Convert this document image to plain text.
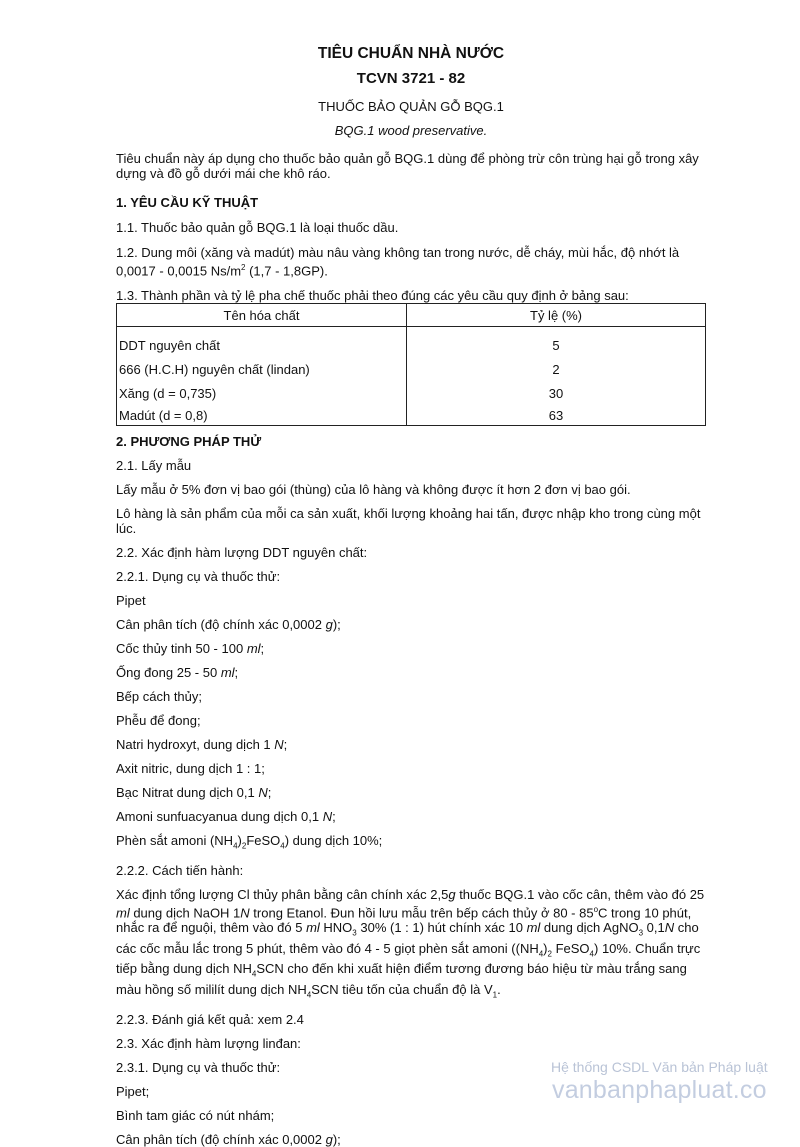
TIÊU CHUẨN NHÀ NƯỚC
TCVN 3721 - 82
THUỐC BẢO QUẢN GỖ BQG.1
BQG.1 wood preservative.

Tiêu chuẩn này áp dụng cho thuốc bảo quản gỗ BQG.1 dùng để phòng trừ côn trùng hại gỗ trong xây dựng và đồ gỗ dưới mái che khô ráo.

1. YÊU CẦU KỸ THUẬT

1.1. Thuốc bảo quản gỗ BQG.1 là loại thuốc dầu.

1.2. Dung môi (xăng và madút) màu nâu vàng không tan trong nước, dễ cháy, mùi hắc, độ nhớt là 0,0017 - 0,0015 $Ns/m^2$ (1,7 - 1,8GP).

1.3. Thành phần và tỷ lệ pha chế thuốc phải theo đúng các yêu cầu quy định ở bảng sau:

Tên hóa chất	Tỷ lệ (%)
DDT nguyên chất	5
666 (H.C.H) nguyên chất (lindan)	2
Xăng (d = 0,735)	30
Madút (d = 0,8)	63

2. PHƯƠNG PHÁP THỬ

2.1. Lấy mẫu

Lấy mẫu ở 5% đơn vị bao gói (thùng) của lô hàng và không được ít hơn 2 đơn vị bao gói.

Lô hàng là sản phẩm của mỗi ca sản xuất, khối lượng khoảng hai tấn, được nhập kho trong cùng một lúc.

2.2. Xác định hàm lượng DDT nguyên chất:

2.2.1. Dụng cụ và thuốc thử:

Pipet

Cân phân tích (độ chính xác 0,0002 g);

Cốc thủy tinh 50 - 100 ml;

Ống đong 25 - 50 ml;

Bếp cách thủy;

Phễu để đong;

Natri hydroxyt, dung dịch 1 N;

Axit nitric, dung dịch 1 : 1;

Bạc Nitrat dung dịch 0,1 N;

Amoni sunfuacyanua dung dịch 0,1 N;

Phèn sắt amoni $(NH_4)_2FeSO_4$) dung dịch 10%;

2.2.2. Cách tiến hành:

Xác định tổng lượng Cl thủy phân bằng cân chính xác 2,5g thuốc BQG.1 vào cốc cân, thêm vào đó 25 ml dung dịch NaOH 1N trong Etanol. Đun hồi lưu mẫu trên bếp cách thủy ở 80 - 85$^o$C trong 10 phút, nhắc ra để nguội, thêm vào đó 5 ml $HNO_3$ 30% (1 : 1) hút chính xác 10 ml dung dịch AgNO$_3$ 0,1N cho các cốc mẫu lắc trong 5 phút, thêm vào đó 4 - 5 giọt phèn sắt amoni ($(NH_4)_2$ FeSO$_4$) 10%. Chuẩn trực tiếp bằng dung dịch $NH_4SCN$ cho đến khi xuất hiện điểm tương đương báo hiệu từ màu trắng sang màu hồng số mililít dung dịch $NH_4SCN$ tiêu tốn của chuẩn độ là $V_1$.

2.2.3. Đánh giá kết quả: xem 2.4

2.3. Xác định hàm lượng linđan:

2.3.1. Dụng cụ và thuốc thử:

Pipet;

Bình tam giác có nút nhám;

Cân phân tích (độ chính xác 0,0002 g);

Hệ thống CSDL Văn bản Pháp luật
vanbanphapluat.co
